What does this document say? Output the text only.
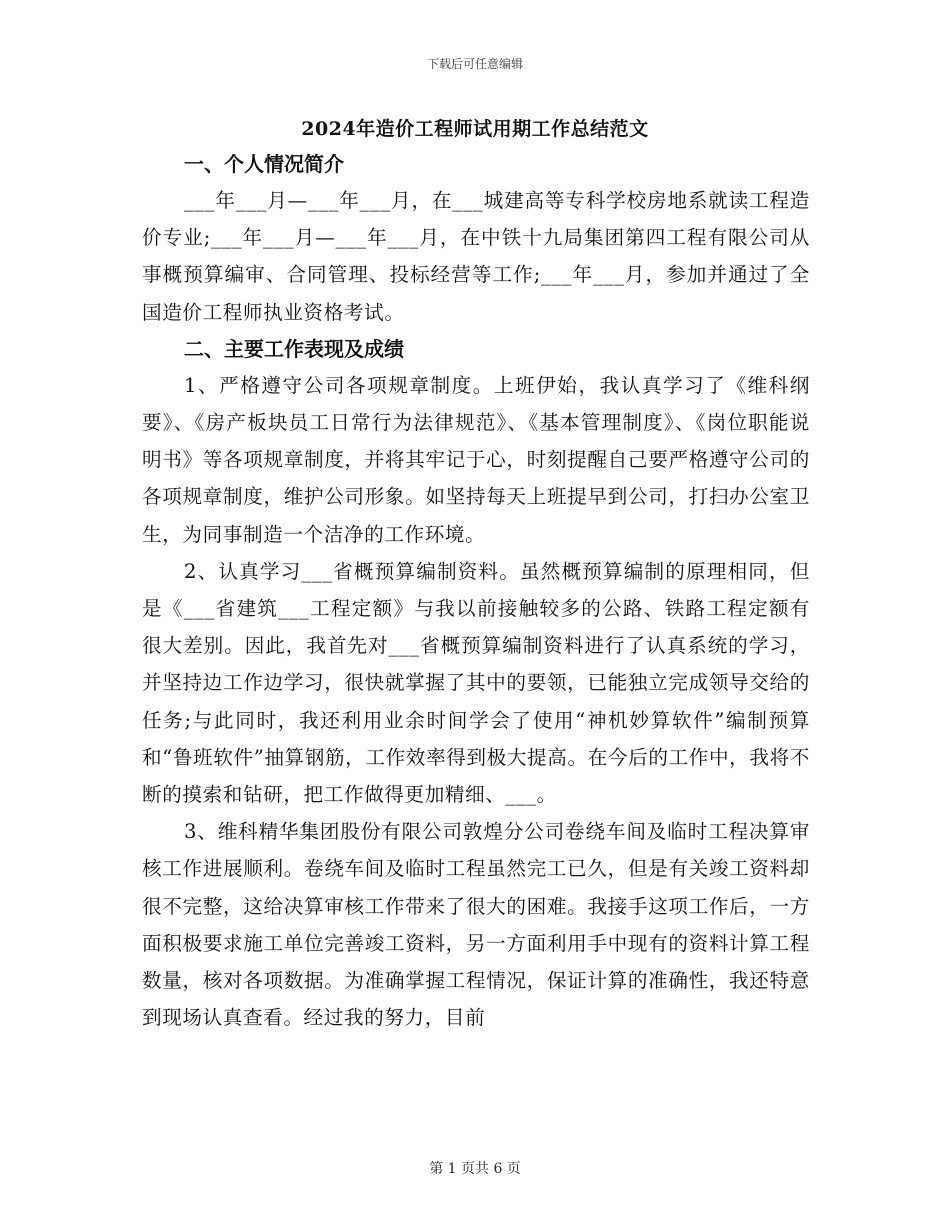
下载后可任意编辑
2024年造价工程师试用期工作总结范文

一、个人情况简介

___年___月—___年___月，在___城建高等专科学校房地系就读工程造价专业;___年___月—___年___月，在中铁十九局集团第四工程有限公司从事概预算编审、合同管理、投标经营等工作;___年___月，参加并通过了全国造价工程师执业资格考试。

二、主要工作表现及成绩

1、严格遵守公司各项规章制度。上班伊始，我认真学习了《维科纲要》、《房产板块员工日常行为法律规范》、《基本管理制度》、《岗位职能说明书》等各项规章制度，并将其牢记于心，时刻提醒自己要严格遵守公司的各项规章制度，维护公司形象。如坚持每天上班提早到公司，打扫办公室卫生，为同事制造一个洁净的工作环境。

2、认真学习___省概预算编制资料。虽然概预算编制的原理相同，但是《___省建筑___工程定额》与我以前接触较多的公路、铁路工程定额有很大差别。因此，我首先对___省概预算编制资料进行了认真系统的学习，并坚持边工作边学习，很快就掌握了其中的要领，已能独立完成领导交给的任务;与此同时，我还利用业余时间学会了使用“神机妙算软件”编制预算和“鲁班软件”抽算钢筋，工作效率得到极大提高。在今后的工作中，我将不断的摸索和钻研，把工作做得更加精细、___。

3、维科精华集团股份有限公司敦煌分公司卷绕车间及临时工程决算审核工作进展顺利。卷绕车间及临时工程虽然完工已久，但是有关竣工资料却很不完整，这给决算审核工作带来了很大的困难。我接手这项工作后，一方面积极要求施工单位完善竣工资料，另一方面利用手中现有的资料计算工程数量，核对各项数据。为准确掌握工程情况，保证计算的准确性，我还特意到现场认真查看。经过我的努力，目前

第 1 页共 6 页
